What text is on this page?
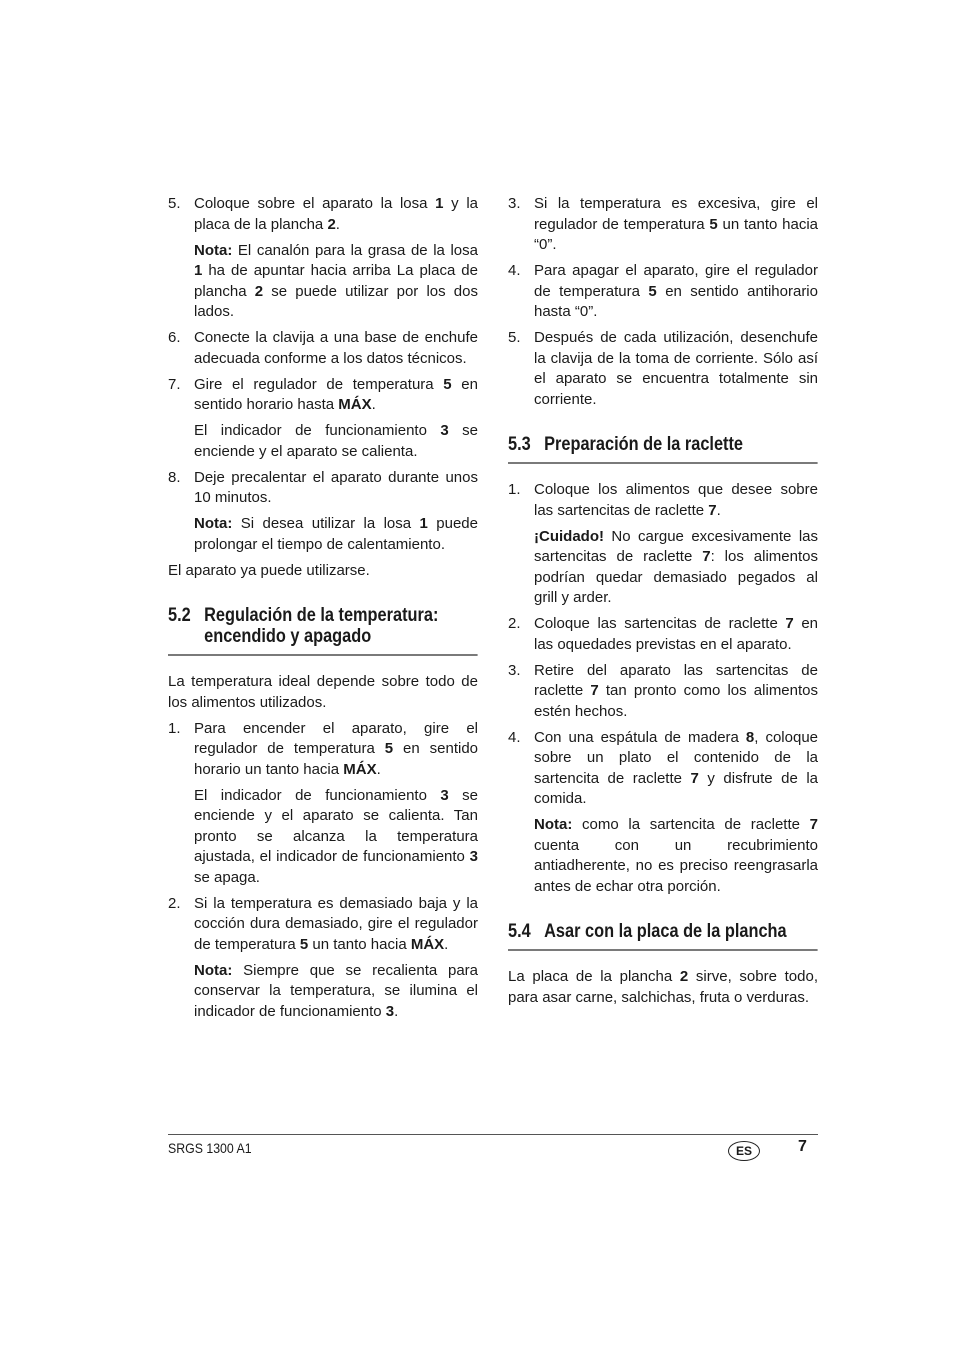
5. Coloque sobre el aparato la losa 1 y la placa de la plancha 2.
Nota: El canalón para la grasa de la losa 1 ha de apuntar hacia arriba La placa de plancha 2 se puede utilizar por los dos lados.
6. Conecte la clavija a una base de enchufe adecuada conforme a los datos técnicos.
7. Gire el regulador de temperatura 5 en sentido horario hasta MÁX.
El indicador de funcionamiento 3 se enciende y el aparato se calienta.
8. Deje precalentar el aparato durante unos 10 minutos.
Nota: Si desea utilizar la losa 1 puede prolongar el tiempo de calentamiento.
El aparato ya puede utilizarse.
5.2 Regulación de la temperatura: encendido y apagado
La temperatura ideal depende sobre todo de los alimentos utilizados.
1. Para encender el aparato, gire el regulador de temperatura 5 en sentido horario un tanto hacia MÁX.
El indicador de funcionamiento 3 se enciende y el aparato se calienta. Tan pronto se alcanza la temperatura ajustada, el indicador de funcionamiento 3 se apaga.
2. Si la temperatura es demasiado baja y la cocción dura demasiado, gire el regulador de temperatura 5 un tanto hacia MÁX.
Nota: Siempre que se recalienta para conservar la temperatura, se ilumina el indicador de funcionamiento 3.
3. Si la temperatura es excesiva, gire el regulador de temperatura 5 un tanto hacia “0”.
4. Para apagar el aparato, gire el regulador de temperatura 5 en sentido antihorario hasta “0”.
5. Después de cada utilización, desenchufe la clavija de la toma de corriente. Sólo así el aparato se encuentra totalmente sin corriente.
5.3 Preparación de la raclette
1. Coloque los alimentos que desee sobre las sartencitas de raclette 7.
¡Cuidado! No cargue excesivamente las sartencitas de raclette 7: los alimentos podrían quedar demasiado pegados al grill y arder.
2. Coloque las sartencitas de raclette 7 en las oquedades previstas en el aparato.
3. Retire del aparato las sartencitas de raclette 7 tan pronto como los alimentos estén hechos.
4. Con una espátula de madera 8, coloque sobre un plato el contenido de la sartencita de raclette 7 y disfrute de la comida.
Nota: como la sartencita de raclette 7 cuenta con un recubrimiento antiadherente, no es preciso reengrasarla antes de echar otra porción.
5.4 Asar con la placa de la plancha
La placa de la plancha 2 sirve, sobre todo, para asar carne, salchichas, fruta o verduras.
SRGS 1300 A1	ES	7
